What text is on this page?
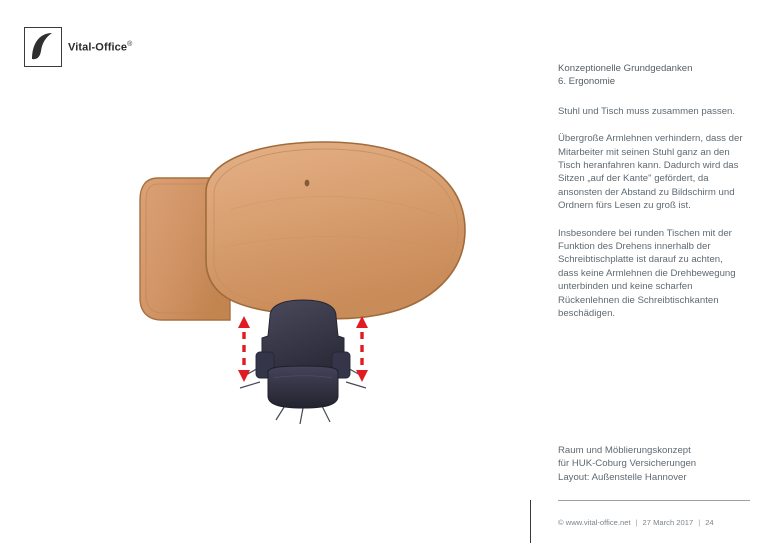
Vital-Office®
Konzeptionelle Grundgedanken
6. Ergonomie

Stuhl und Tisch muss zusammen passen.

Übergroße Armlehnen verhindern, dass der Mitarbeiter mit seinen Stuhl ganz an den Tisch heranfahren kann. Dadurch wird das Sitzen „auf der Kante" gefördert, da ansonsten der Abstand zu Bildschirm und Ordnern fürs Lesen zu groß ist.

Insbesondere bei runden Tischen mit der Funktion des Drehens innerhalb der Schreibtischplatte ist darauf zu achten, dass keine Armlehnen die Drehbewegung unterbinden und keine scharfen Rückenlehnen die Schreibtischkanten beschädigen.

Raum und Möblierungskonzept
für HUK-Coburg Versicherungen
Layout: Außenstelle Hannover
© www.vital-office.net | 27 March 2017 | 24
